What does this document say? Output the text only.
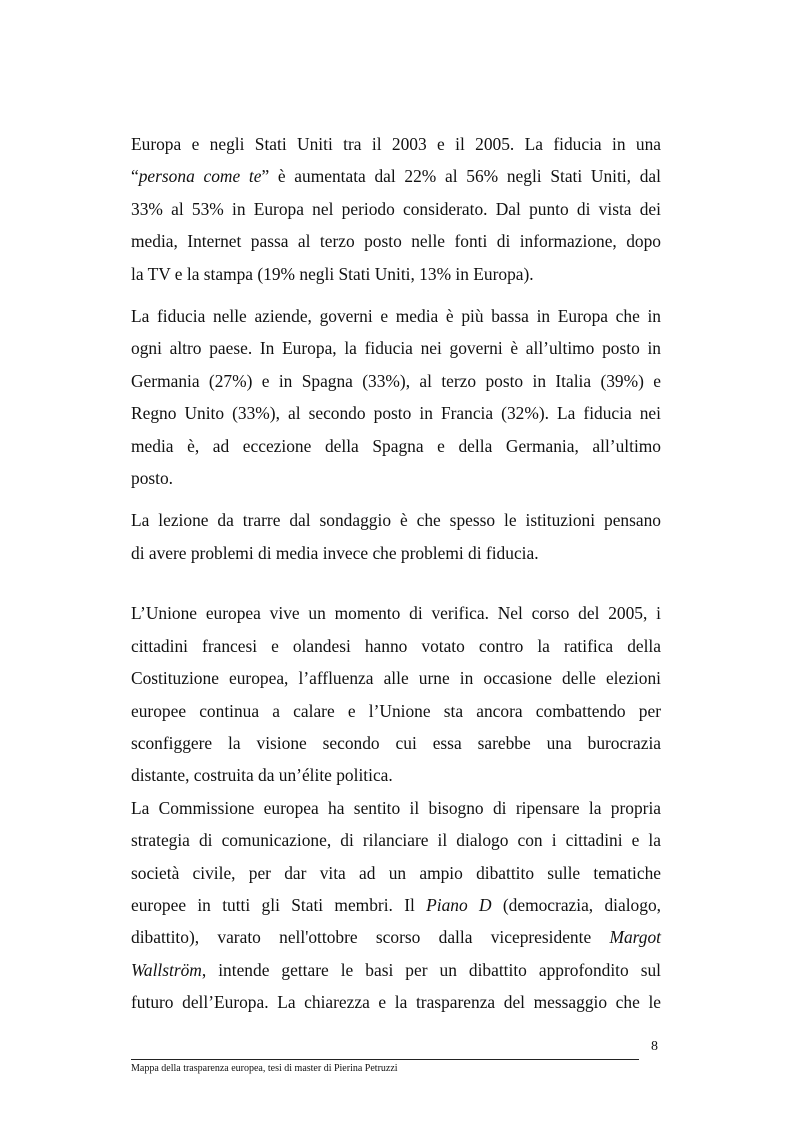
Europa e negli Stati Uniti tra il 2003 e il 2005. La fiducia in una

“persona come te” è aumentata dal 22% al 56% negli Stati Uniti, dal

33% al 53% in Europa nel periodo considerato. Dal punto di vista dei

media, Internet passa al terzo posto nelle fonti di informazione, dopo

la TV e la stampa (19% negli Stati Uniti, 13% in Europa).

La fiducia nelle aziende, governi e media è più bassa in Europa che in

ogni altro paese. In Europa, la fiducia nei governi è all’ultimo posto in

Germania (27%) e in Spagna (33%), al terzo posto in Italia (39%) e

Regno Unito (33%), al secondo posto in Francia (32%). La fiducia nei

media è, ad eccezione della Spagna e della Germania, all’ultimo

posto.

La lezione da trarre dal sondaggio è che spesso le istituzioni pensano

di avere problemi di media invece che problemi di fiducia.

L’Unione europea vive un momento di verifica. Nel corso del 2005, i

cittadini francesi e olandesi hanno votato contro la ratifica della

Costituzione europea, l’affluenza alle urne in occasione delle elezioni

europee continua a calare e l’Unione sta ancora combattendo per

sconfiggere la visione secondo cui essa sarebbe una burocrazia

distante, costruita da un’élite politica.

La Commissione europea ha sentito il bisogno di ripensare la propria

strategia di comunicazione, di rilanciare il dialogo con i cittadini e la

società civile, per dar vita ad un ampio dibattito sulle tematiche

europee in tutti gli Stati membri. Il Piano D (democrazia, dialogo,

dibattito), varato nell'ottobre scorso dalla vicepresidente Margot

Wallström, intende gettare le basi per un dibattito approfondito sul

futuro dell’Europa. La chiarezza e la trasparenza del messaggio che le

8
Mappa della trasparenza europea, tesi di master di Pierina Petruzzi
